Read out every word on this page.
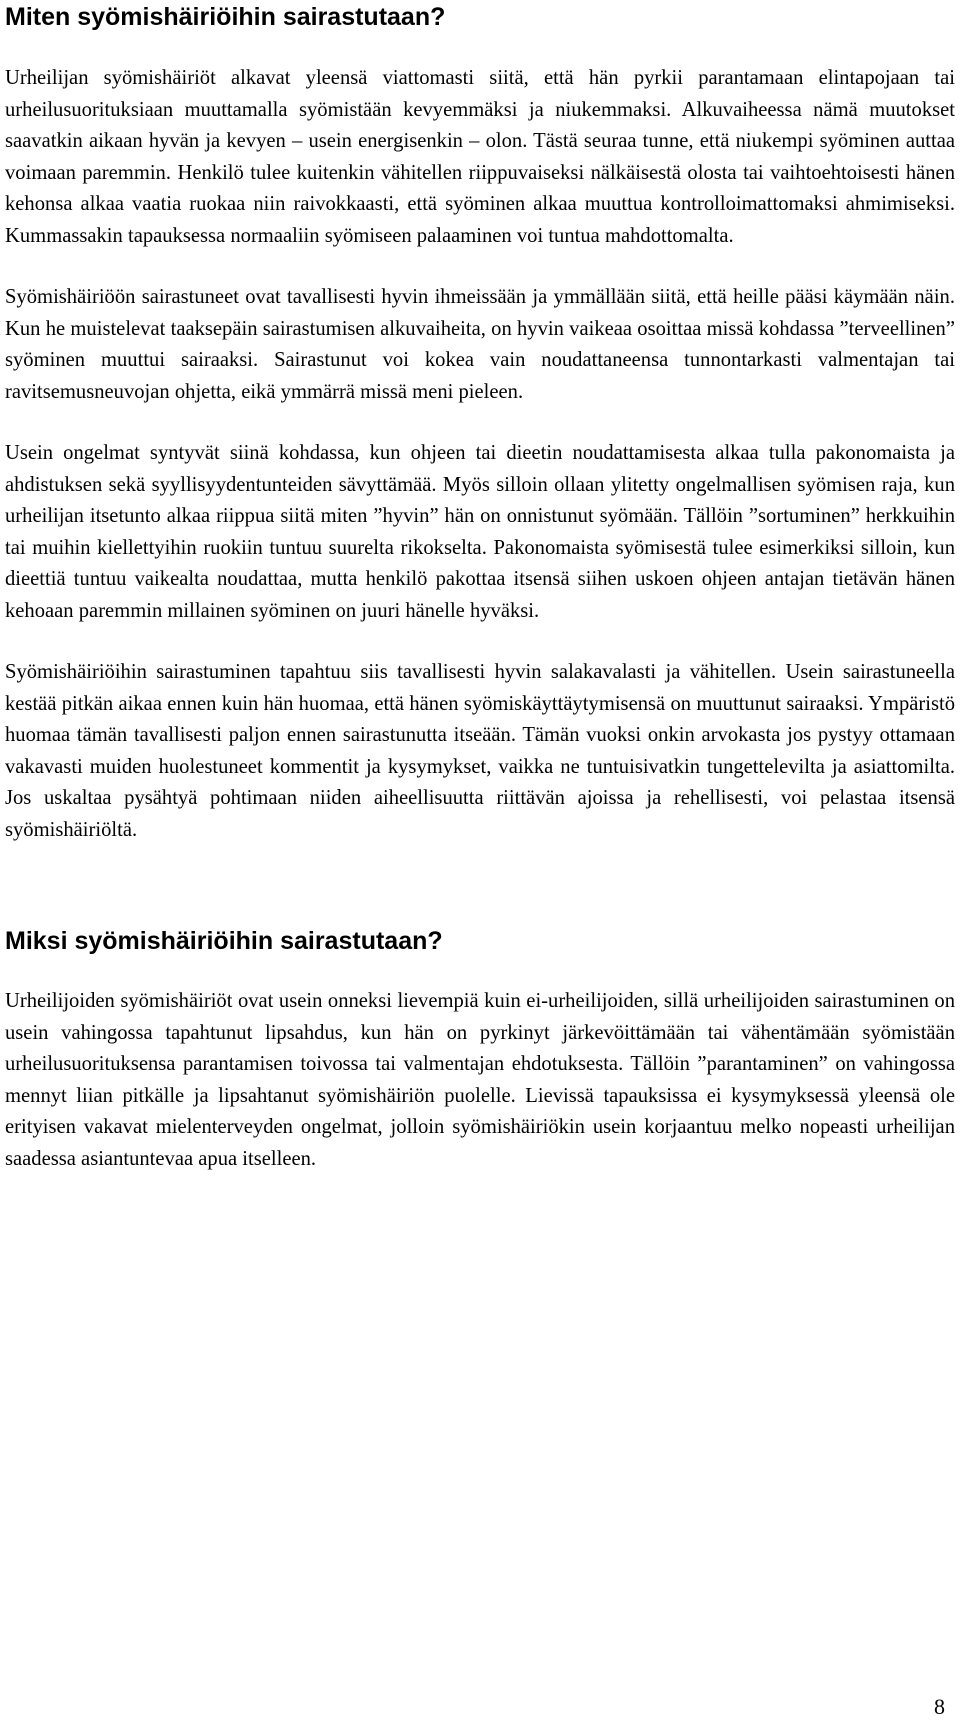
Miten syömishäiriöihin sairastutaan?

Urheilijan syömishäiriöt alkavat yleensä viattomasti siitä, että hän pyrkii parantamaan elintapojaan tai urheilusuorituksiaan muuttamalla syömistään kevyemmäksi ja niukemmaksi. Alkuvaiheessa nämä muutokset saavatkin aikaan hyvän ja kevyen – usein energisenkin – olon. Tästä seuraa tunne, että niukempi syöminen auttaa voimaan paremmin. Henkilö tulee kuitenkin vähitellen riippuvaiseksi nälkäisestä olosta tai vaihtoehtoisesti hänen kehonsa alkaa vaatia ruokaa niin raivokkaasti, että syöminen alkaa muuttua kontrolloimattomaksi ahmimiseksi. Kummassakin tapauksessa normaaliin syömiseen palaaminen voi tuntua mahdottomalta.

Syömishäiriöön sairastuneet ovat tavallisesti hyvin ihmeissään ja ymmällään siitä, että heille pääsi käymään näin. Kun he muistelevat taaksepäin sairastumisen alkuvaiheita, on hyvin vaikeaa osoittaa missä kohdassa ”terveellinen” syöminen muuttui sairaaksi. Sairastunut voi kokea vain noudattaneensa tunnontarkasti valmentajan tai ravitsemusneuvojan ohjetta, eikä ymmärrä missä meni pieleen.

Usein ongelmat syntyvät siinä kohdassa, kun ohjeen tai dieetin noudattamisesta alkaa tulla pakonomaista ja ahdistuksen sekä syyllisyydentunteiden sävyttämää. Myös silloin ollaan ylitetty ongelmallisen syömisen raja, kun urheilijan itsetunto alkaa riippua siitä miten ”hyvin” hän on onnistunut syömään. Tällöin ”sortuminen” herkkuihin tai muihin kiellettyihin ruokiin tuntuu suurelta rikokselta. Pakonomaista syömisestä tulee esimerkiksi silloin, kun dieettiä tuntuu vaikealta noudattaa, mutta henkilö pakottaa itsensä siihen uskoen ohjeen antajan tietävän hänen kehoaan paremmin millainen syöminen on juuri hänelle hyväksi.

Syömishäiriöihin sairastuminen tapahtuu siis tavallisesti hyvin salakavalasti ja vähitellen. Usein sairastuneella kestää pitkän aikaa ennen kuin hän huomaa, että hänen syömiskäyttäytymisensä on muuttunut sairaaksi. Ympäristö huomaa tämän tavallisesti paljon ennen sairastunutta itseään. Tämän vuoksi onkin arvokasta jos pystyy ottamaan vakavasti muiden huolestuneet kommentit ja kysymykset, vaikka ne tuntuisivatkin tungettelevilta ja asiattomilta. Jos uskaltaa pysähtyä pohtimaan niiden aiheellisuutta riittävän ajoissa ja rehellisesti, voi pelastaa itsensä syömishäiriöltä.

Miksi syömishäiriöihin sairastutaan?

Urheilijoiden syömishäiriöt ovat usein onneksi lievempiä kuin ei-urheilijoiden, sillä urheilijoiden sairastuminen on usein vahingossa tapahtunut lipsahdus, kun hän on pyrkinyt järkevöittämään tai vähentämään syömistään urheilusuorituksensa parantamisen toivossa tai valmentajan ehdotuksesta. Tällöin ”parantaminen” on vahingossa mennyt liian pitkälle ja lipsahtanut syömishäiriön puolelle. Lievissä tapauksissa ei kysymyksessä yleensä ole erityisen vakavat mielenterveyden ongelmat, jolloin syömishäiriökin usein korjaantuu melko nopeasti urheilijan saadessa asiantuntevaa apua itselleen.

8
